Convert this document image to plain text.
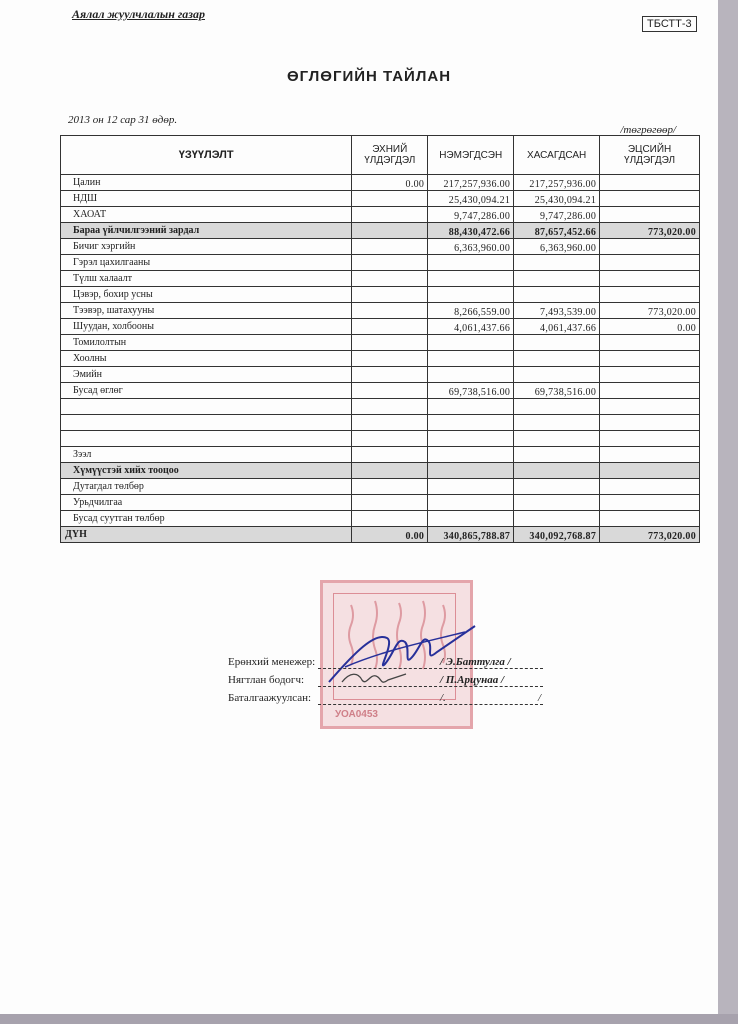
Аялал жуулчлалын газар
ТБСТТ-3
ӨГЛӨГИЙН ТАЙЛАН
2013 он 12 сар 31 өдөр.
/төгрөгөөр/
ҮЗҮҮЛЭЛТ	ЭХНИЙ ҮЛДЭГДЭЛ	НЭМЭГДСЭН	ХАСАГДСАН	ЭЦСИЙН ҮЛДЭГДЭЛ
Цалин	0.00	217,257,936.00	217,257,936.00	
НДШ		25,430,094.21	25,430,094.21	
ХАОАТ		9,747,286.00	9,747,286.00	
Бараа үйлчилгээний зардал		88,430,472.66	87,657,452.66	773,020.00
Бичиг хэргийн		6,363,960.00	6,363,960.00	
Гэрэл цахилгааны				
Түлш халаалт				
Цэвэр, бохир усны				
Тээвэр, шатахууны		8,266,559.00	7,493,539.00	773,020.00
Шуудан, холбооны		4,061,437.66	4,061,437.66	0.00
Томилолтын				
Хоолны				
Эмийн				
Бусад өглөг		69,738,516.00	69,738,516.00	

Зээл				
Хүмүүстэй хийх тооцоо				
Дутагдал төлбөр				
Урьдчилгаа				
Бусад суутган төлбөр				
ДҮН	0.00	340,865,788.87	340,092,768.87	773,020.00
УОА0453
Ерөнхий менежер:	/ Э.Баттулга /
Нягтлан бодогч:	/ П.Арцунаа /
Баталгаажуулсан:	/.	/
